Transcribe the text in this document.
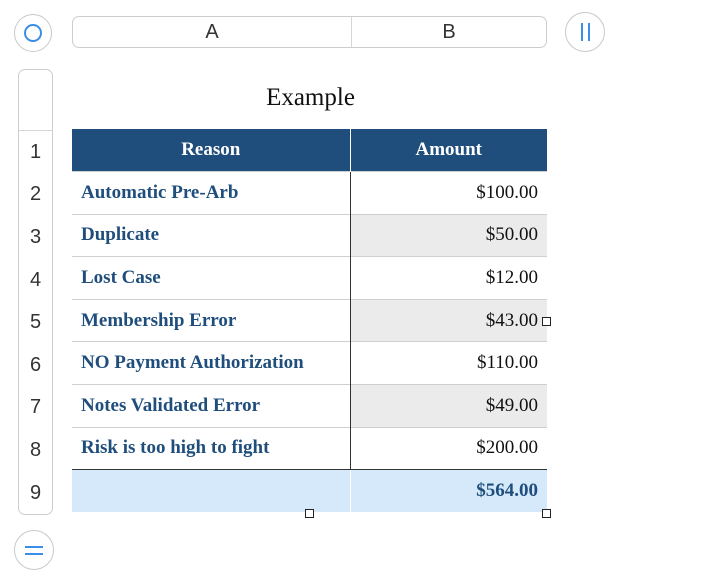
A	B
1
2
3
4
5
6
7
8
9
Example
Reason	Amount
Automatic Pre-Arb	$100.00
Duplicate	$50.00
Lost Case	$12.00
Membership Error	$43.00
NO Payment Authorization	$110.00
Notes Validated Error	$49.00
Risk is too high to fight	$200.00
	$564.00
